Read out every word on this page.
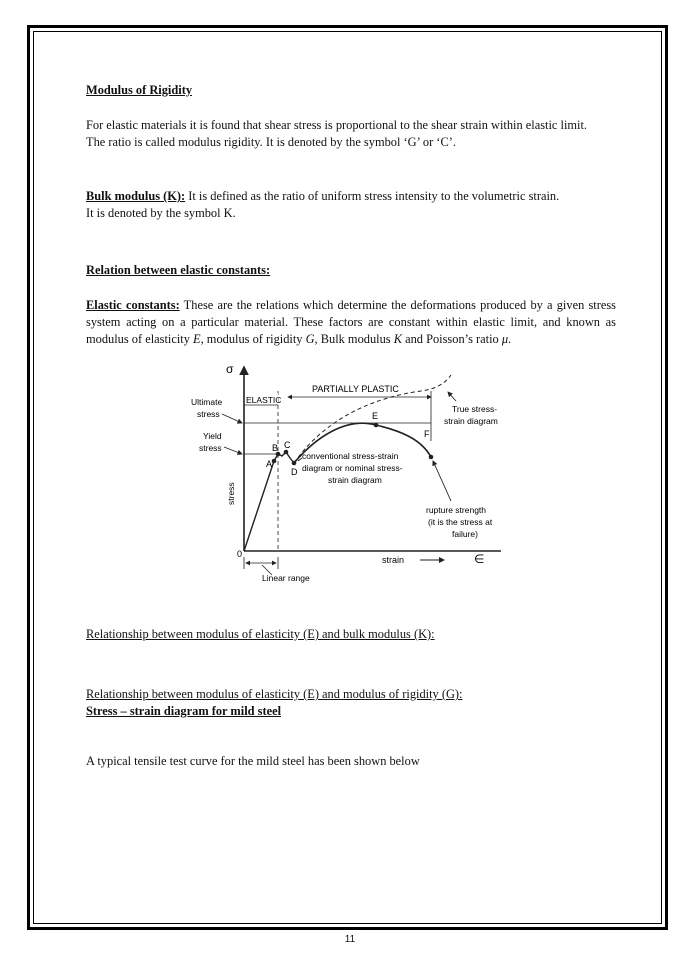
Modulus of Rigidity

For elastic materials it is found that shear stress is proportional to the shear strain within elastic limit.

The ratio is called modulus rigidity. It is denoted by the symbol ‘G’ or ‘C’.

Bulk modulus (K): It is defined as the ratio of uniform stress intensity to the volumetric strain.

It is denoted by the symbol K.

Relation between elastic constants:

Elastic constants: These are the relations which determine the deformations produced by a given stress system acting on a particular material. These factors are constant within elastic limit, and known as modulus of elasticity E, modulus of rigidity G, Bulk modulus K and Poisson’s ratio μ.

σ
Ultimate
stress
Yield
stress
ELASTIC
PARTIALLY PLASTIC
A
B C
D
E
F
True stress-
strain diagram
conventional stress-strain
diagram or nominal stress-
strain diagram
stress
rupture strength
(it is the stress at
failure)
0
strain	∈
Linear range
Relationship between modulus of elasticity (E) and bulk modulus (K):
Relationship between modulus of elasticity (E) and modulus of rigidity (G):
Stress – strain diagram for mild steel
A typical tensile test curve for the mild steel has been shown below
11
